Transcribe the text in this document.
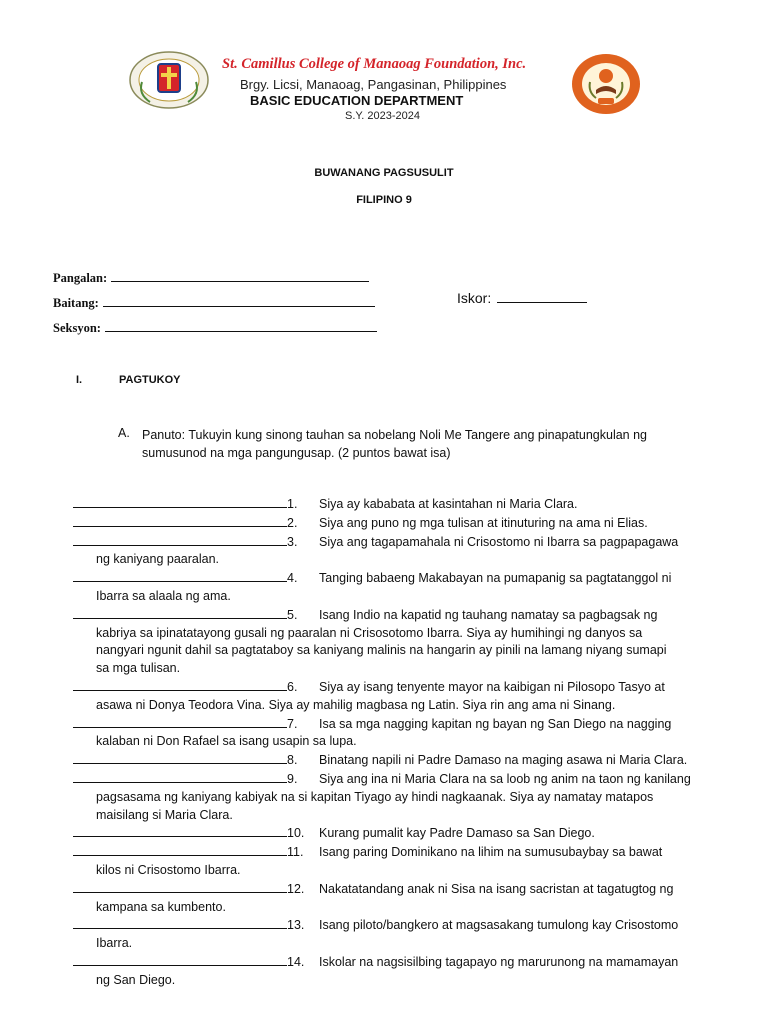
St. Camillus College of Manaoag Foundation, Inc.
Brgy. Licsi, Manaoag, Pangasinan, Philippines
BASIC EDUCATION DEPARTMENT
S.Y. 2023-2024
BUWANANG PAGSUSULIT
FILIPINO 9
Pangalan:
Baitang:
Seksyon:
Iskor:
I.	PAGTUKOY
A. Panuto: Tukuyin kung sinong tauhan sa nobelang Noli Me Tangere ang pinapatungkulan ng sumusunod na mga pangungusap. (2 puntos bawat isa)
1. Siya ay kababata at kasintahan ni Maria Clara.
2. Siya ang puno ng mga tulisan at itinuturing na ama ni Elias.
3. Siya ang tagapamahala ni Crisostomo ni Ibarra sa pagpapagawa
ng kaniyang paaralan.
4. Tanging babaeng Makabayan na pumapanig sa pagtatanggol ni
Ibarra sa alaala ng ama.
5. Isang Indio na kapatid ng tauhang namatay sa pagbagsak ng
kabriya sa ipinatatayong gusali ng paaralan ni Crisosotomo Ibarra. Siya ay humihingi ng danyos sa
nangyari ngunit dahil sa pagtataboy sa kaniyang malinis na hangarin ay pinili na lamang niyang sumapi
sa mga tulisan.
6. Siya ay isang tenyente mayor na kaibigan ni Pilosopo Tasyo at
asawa ni Donya Teodora Vina. Siya ay mahilig magbasa ng Latin. Siya rin ang ama ni Sinang.
7. Isa sa mga nagging kapitan ng bayan ng San Diego na nagging
kalaban ni Don Rafael sa isang usapin sa lupa.
8. Binatang napili ni Padre Damaso na maging asawa ni Maria Clara.
9. Siya ang ina ni Maria Clara na sa loob ng anim na taon ng kanilang
pagsasama ng kaniyang kabiyak na si kapitan Tiyago ay hindi nagkaanak. Siya ay namatay matapos
maisilang si Maria Clara.
10. Kurang pumalit kay Padre Damaso sa San Diego.
11. Isang paring Dominikano na lihim na sumusubaybay sa bawat
kilos ni Crisostomo Ibarra.
12. Nakatatandang anak ni Sisa na isang sacristan at tagatugtog ng
kampana sa kumbento.
13. Isang piloto/bangkero at magsasakang tumulong kay Crisostomo
Ibarra.
14. Iskolar na nagsisilbing tagapayo ng marurunong na mamamayan
ng San Diego.
